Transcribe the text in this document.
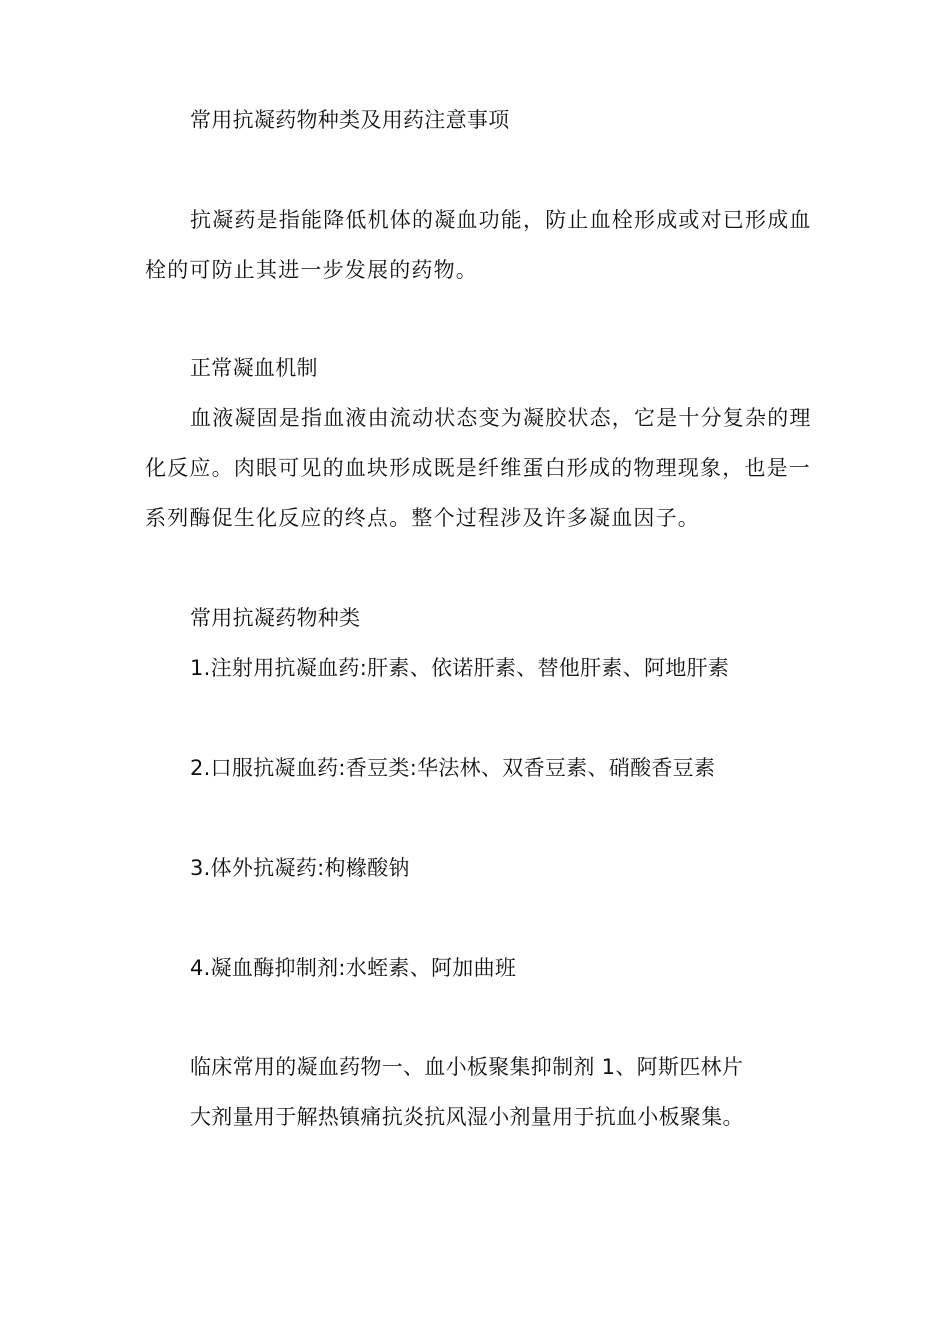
常用抗凝药物种类及用药注意事项
抗凝药是指能降低机体的凝血功能，防止血栓形成或对已形成血
栓的可防止其进一步发展的药物。
正常凝血机制
血液凝固是指血液由流动状态变为凝胶状态，它是十分复杂的理
化反应。肉眼可见的血块形成既是纤维蛋白形成的物理现象，也是一
系列酶促生化反应的终点。整个过程涉及许多凝血因子。
常用抗凝药物种类
1.注射用抗凝血药:肝素、依诺肝素、替他肝素、阿地肝素
2.口服抗凝血药:香豆类:华法林、双香豆素、硝酸香豆素
3.体外抗凝药:枸橼酸钠
4.凝血酶抑制剂:水蛭素、阿加曲班
临床常用的凝血药物一、血小板聚集抑制剂 1、阿斯匹林片
大剂量用于解热镇痛抗炎抗风湿小剂量用于抗血小板聚集。
